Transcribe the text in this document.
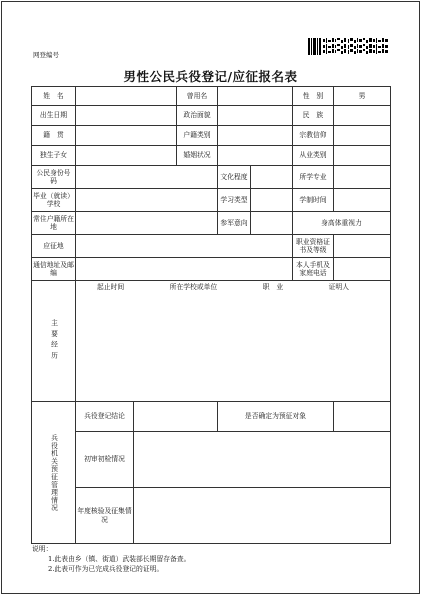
网登编号
男性公民兵役登记/应征报名表
姓　名			曾用名			性　别	男
出生日期			政治面貌			民　族	
籍　贯			户籍类别			宗教信仰	
独生子女			婚姻状况			从业类别	
公民身份号　码				文化程度		所学专业	
毕业（就读）学校				学习类型		学制时间	
常住户籍所在地				参军意向		身高体重视力	
应征地						职业资格证书及等级	
通信地址及邮编						本人手机及家庭电话	

主要经历	起止时间 所在学校或单位 职　业 证明人						

兵役机关预征管理情况	兵役登记结论			是否确定为预征对象			
	初审初检情况						
	年度核验及征集情况						
说明：
1.此表由乡（镇、街道）武装部长期留存备查。
2.此表可作为已完成兵役登记的证明。
